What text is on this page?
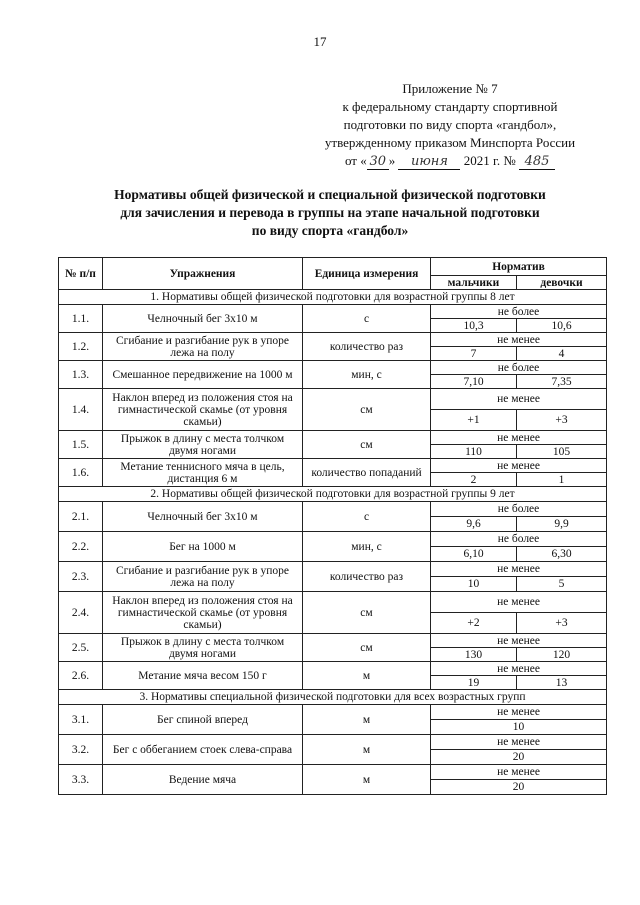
17
Приложение № 7
к федеральному стандарту спортивной
подготовки по виду спорта «гандбол»,
утвержденному приказом Минспорта России
от « 30 » июня 2021 г. № 485
Нормативы общей физической и специальной физической подготовки
для зачисления и перевода в группы на этапе начальной подготовки
по виду спорта «гандбол»
№ п/п	Упражнения	Единица измерения	Норматив	
			мальчики	девочки
1. Нормативы общей физической подготовки для возрастной группы 8 лет				
1.1.	Челночный бег 3х10 м	с	не более	
			10,3	10,6
1.2.	Сгибание и разгибание рук в упоре лежа на полу	количество раз	не менее	
			7	4
1.3.	Смешанное передвижение на 1000 м	мин, с	не более	
			7,10	7,35
1.4.	Наклон вперед из положения стоя на гимнастической скамье (от уровня скамьи)	см	не менее	
			+1	+3
1.5.	Прыжок в длину с места толчком двумя ногами	см	не менее	
			110	105
1.6.	Метание теннисного мяча в цель, дистанция 6 м	количество попаданий	не менее	
			2	1
2. Нормативы общей физической подготовки для возрастной группы 9 лет				
2.1.	Челночный бег 3х10 м	с	не более	
			9,6	9,9
2.2.	Бег на 1000 м	мин, с	не более	
			6,10	6,30
2.3.	Сгибание и разгибание рук в упоре лежа на полу	количество раз	не менее	
			10	5
2.4.	Наклон вперед из положения стоя на гимнастической скамье (от уровня скамьи)	см	не менее	
			+2	+3
2.5.	Прыжок в длину с места толчком двумя ногами	см	не менее	
			130	120
2.6.	Метание мяча весом 150 г	м	не менее	
			19	13
3. Нормативы специальной физической подготовки для всех возрастных групп				
3.1.	Бег спиной вперед	м	не менее	
			10	
3.2.	Бег с оббеганием стоек слева-справа	м	не менее	
			20	
3.3.	Ведение мяча	м	не менее	
			20	
